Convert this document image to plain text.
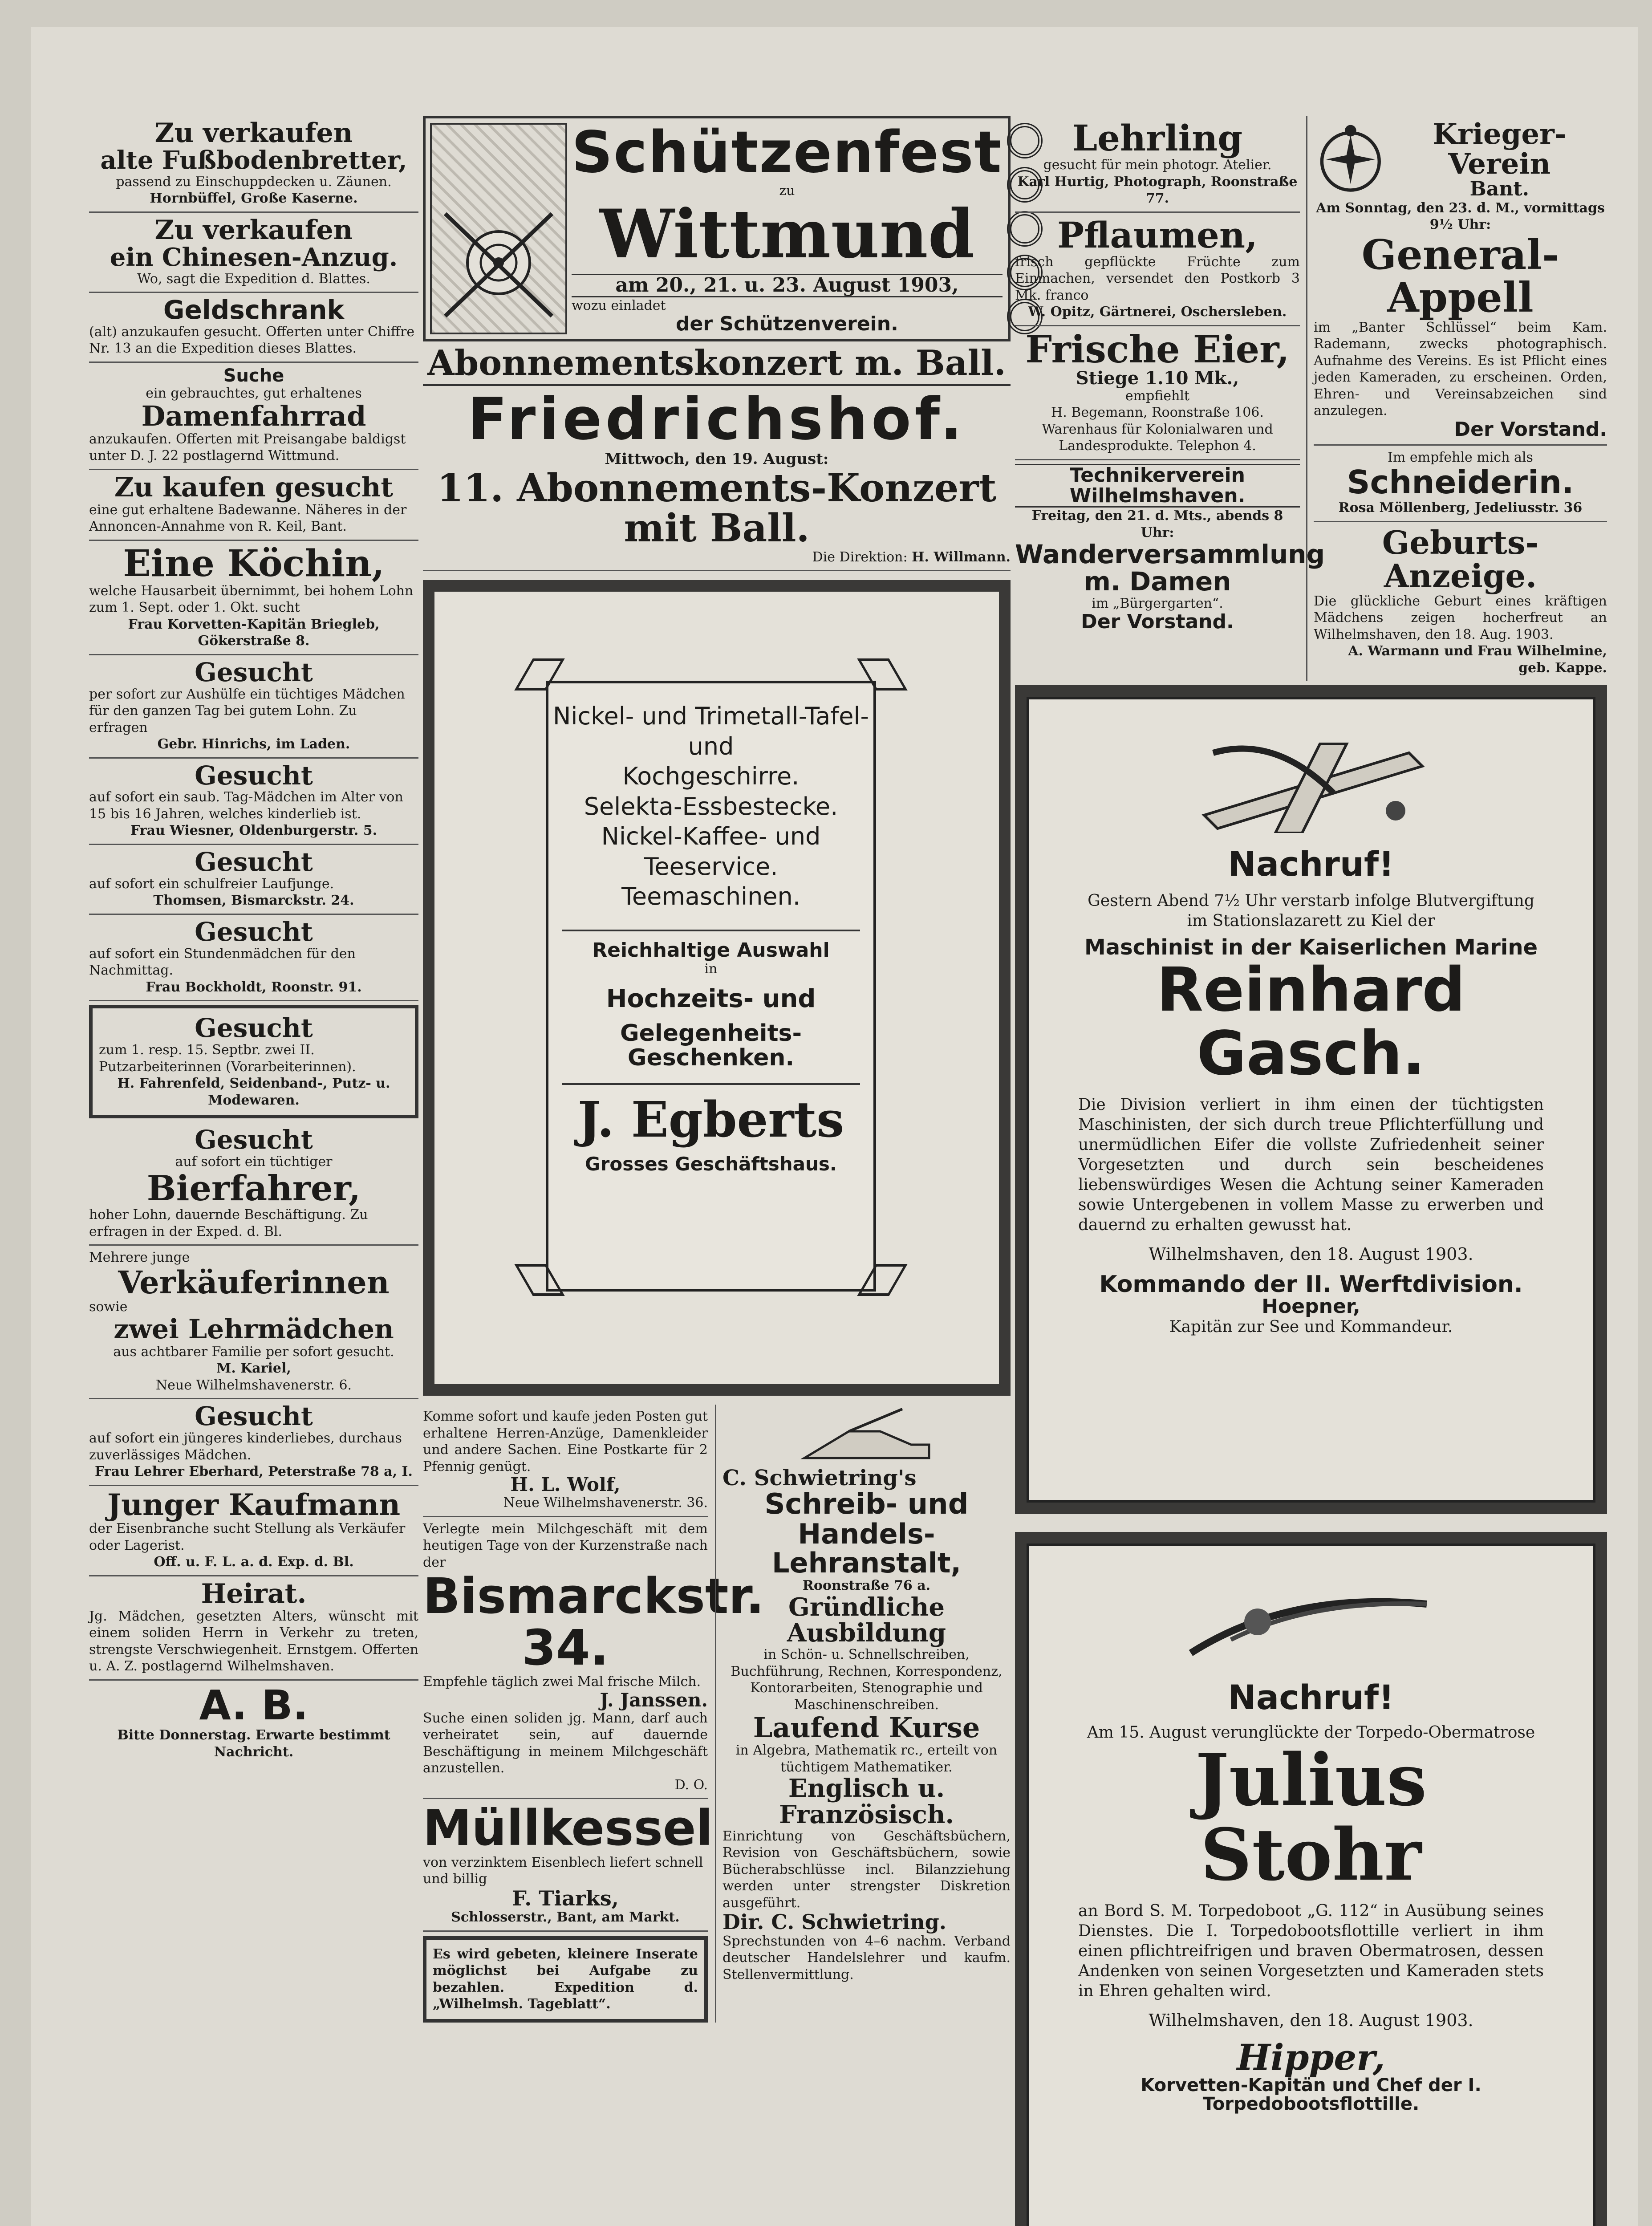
Zu verkaufen
alte Fußbodenbretter,
passend zu Einschuppdecken u. Zäunen.
Hornbüffel, Große Kaserne.
Zu verkaufen
ein Chinesen-Anzug.
Wo, sagt die Expedition d. Blattes.
Geldschrank
(alt) anzukaufen gesucht. Offerten unter Chiffre Nr. 13 an die Expedition dieses Blattes.
Suche
ein gebrauchtes, gut erhaltenes
Damenfahrrad
anzukaufen. Offerten mit Preisangabe baldigst unter D. J. 22 postlagernd Wittmund.
Zu kaufen gesucht
eine gut erhaltene Badewanne. Näheres in der Annoncen-Annahme von R. Keil, Bant.
Eine Köchin,
welche Hausarbeit übernimmt, bei hohem Lohn zum 1. Sept. oder 1. Okt. sucht
Frau Korvetten-Kapitän Briegleb, Gökerstraße 8.
Gesucht
per sofort zur Aushülfe ein tüchtiges Mädchen für den ganzen Tag bei gutem Lohn. Zu erfragen
Gebr. Hinrichs, im Laden.
Gesucht
auf sofort ein saub. Tag-Mädchen im Alter von 15 bis 16 Jahren, welches kinderlieb ist.
Frau Wiesner, Oldenburgerstr. 5.
Gesucht
auf sofort ein schulfreier Laufjunge.
Thomsen, Bismarckstr. 24.
Gesucht
auf sofort ein Stundenmädchen für den Nachmittag.
Frau Bockholdt, Roonstr. 91.
Gesucht
zum 1. resp. 15. Septbr. zwei II. Putzarbeiterinnen (Vorarbeiterinnen).
H. Fahrenfeld, Seidenband-, Putz- u. Modewaren.
Gesucht
auf sofort ein tüchtiger
Bierfahrer,
hoher Lohn, dauernde Beschäftigung. Zu erfragen in der Exped. d. Bl.
Mehrere junge
Verkäuferinnen
sowie
zwei Lehrmädchen
aus achtbarer Familie per sofort gesucht.
M. Kariel,
Neue Wilhelmshavenerstr. 6.
Gesucht
auf sofort ein jüngeres kinderliebes, durchaus zuverlässiges Mädchen.
Frau Lehrer Eberhard, Peterstraße 78 a, I.
Junger Kaufmann
der Eisenbranche sucht Stellung als Verkäufer oder Lagerist.
Off. u. F. L. a. d. Exp. d. Bl.
Heirat.
Jg. Mädchen, gesetzten Alters, wünscht mit einem soliden Herrn in Verkehr zu treten, strengste Verschwiegenheit. Ernstgem. Offerten u. A. Z. postlagernd Wilhelmshaven.
A. B.
Bitte Donnerstag. Erwarte bestimmt Nachricht.
Schützenfest
zu
Wittmund
am 20., 21. u. 23. August 1903,
wozu einladet
der Schützenverein.
Abonnementskonzert m. Ball.
Friedrichshof.
Mittwoch, den 19. August:
11. Abonnements-Konzert mit Ball.
Die Direktion: H. Willmann.
Nickel- und Trimetall-Tafel- und
Kochgeschirre.
Selekta-Essbestecke.
Nickel-Kaffee- und Teeservice.
Teemaschinen.
Reichhaltige Auswahl
in
Hochzeits- und
Gelegenheits-Geschenken.
J. Egberts
Grosses Geschäftshaus.
Komme sofort und kaufe jeden Posten gut erhaltene Herren-Anzüge, Damenkleider und andere Sachen. Eine Postkarte für 2 Pfennig genügt.
H. L. Wolf,
Neue Wilhelmshavenerstr. 36.
Verlegte mein Milchgeschäft mit dem heutigen Tage von der Kurzenstraße nach der
Bismarckstr. 34.
Empfehle täglich zwei Mal frische Milch.
J. Janssen.
Suche einen soliden jg. Mann, darf auch verheiratet sein, auf dauernde Beschäftigung in meinem Milchgeschäft anzustellen.
D. O.
Müllkessel
von verzinktem Eisenblech liefert schnell und billig
F. Tiarks,
Schlosserstr., Bant, am Markt.
Es wird gebeten, kleinere Inserate möglichst bei Aufgabe zu bezahlen. Expedition d. „Wilhelmsh. Tageblatt“.
C. Schwietring's
Schreib- und
Handels-Lehranstalt,
Roonstraße 76 a.
Gründliche Ausbildung
in Schön- u. Schnellschreiben, Buchführung, Rechnen, Korrespondenz, Kontorarbeiten, Stenographie und Maschinenschreiben.
Laufend Kurse
in Algebra, Mathematik rc., erteilt von tüchtigem Mathematiker.
Englisch u. Französisch.
Einrichtung von Geschäftsbüchern, Revision von Geschäftsbüchern, sowie Bücherabschlüsse incl. Bilanzziehung werden unter strengster Diskretion ausgeführt.
Dir. C. Schwietring.
Sprechstunden von 4–6 nachm. Verband deutscher Handelslehrer und kaufm. Stellenvermittlung.
Lehrling
gesucht für mein photogr. Atelier.
Karl Hurtig, Photograph, Roonstraße 77.
Pflaumen,
frisch gepflückte Früchte zum Einmachen, versendet den Postkorb 3 Mk. franco
W. Opitz, Gärtnerei, Oschersleben.
Frische Eier,
Stiege 1.10 Mk.,
empfiehlt
H. Begemann, Roonstraße 106. Warenhaus für Kolonialwaren und Landesprodukte. Telephon 4.
Technikerverein Wilhelmshaven.
Freitag, den 21. d. Mts., abends 8 Uhr:
Wanderversammlung m. Damen
im „Bürgergarten“.
Der Vorstand.
Krieger-Verein
Bant.
Am Sonntag, den 23. d. M., vormittags 9½ Uhr:
General-Appell
im „Banter Schlüssel“ beim Kam. Rademann, zwecks photographisch. Aufnahme des Vereins. Es ist Pflicht eines jeden Kameraden, zu erscheinen. Orden, Ehren- und Vereinsabzeichen sind anzulegen.
Der Vorstand.
Im empfehle mich als
Schneiderin.
Rosa Möllenberg, Jedeliusstr. 36
Geburts-Anzeige.
Die glückliche Geburt eines kräftigen Mädchens zeigen hocherfreut an Wilhelmshaven, den 18. Aug. 1903.
A. Warmann und Frau Wilhelmine, geb. Kappe.
Nachruf!
Gestern Abend 7½ Uhr verstarb infolge Blutvergiftung im Stationslazarett zu Kiel der
Maschinist in der Kaiserlichen Marine
Reinhard Gasch.
Die Division verliert in ihm einen der tüchtigsten Maschinisten, der sich durch treue Pflichterfüllung und unermüdlichen Eifer die vollste Zufriedenheit seiner Vorgesetzten und durch sein bescheidenes liebenswürdiges Wesen die Achtung seiner Kameraden sowie Untergebenen in vollem Masse zu erwerben und dauernd zu erhalten gewusst hat.
Wilhelmshaven, den 18. August 1903.
Kommando der II. Werftdivision.
Hoepner,
Kapitän zur See und Kommandeur.
Nachruf!
Am 15. August verunglückte der Torpedo-Obermatrose
Julius Stohr
an Bord S. M. Torpedoboot „G. 112“ in Ausübung seines Dienstes. Die I. Torpedobootsflottille verliert in ihm einen pflichtreifrigen und braven Obermatrosen, dessen Andenken von seinen Vorgesetzten und Kameraden stets in Ehren gehalten wird.
Wilhelmshaven, den 18. August 1903.
Hipper,
Korvetten-Kapitän und Chef der I. Torpedobootsflottille.
